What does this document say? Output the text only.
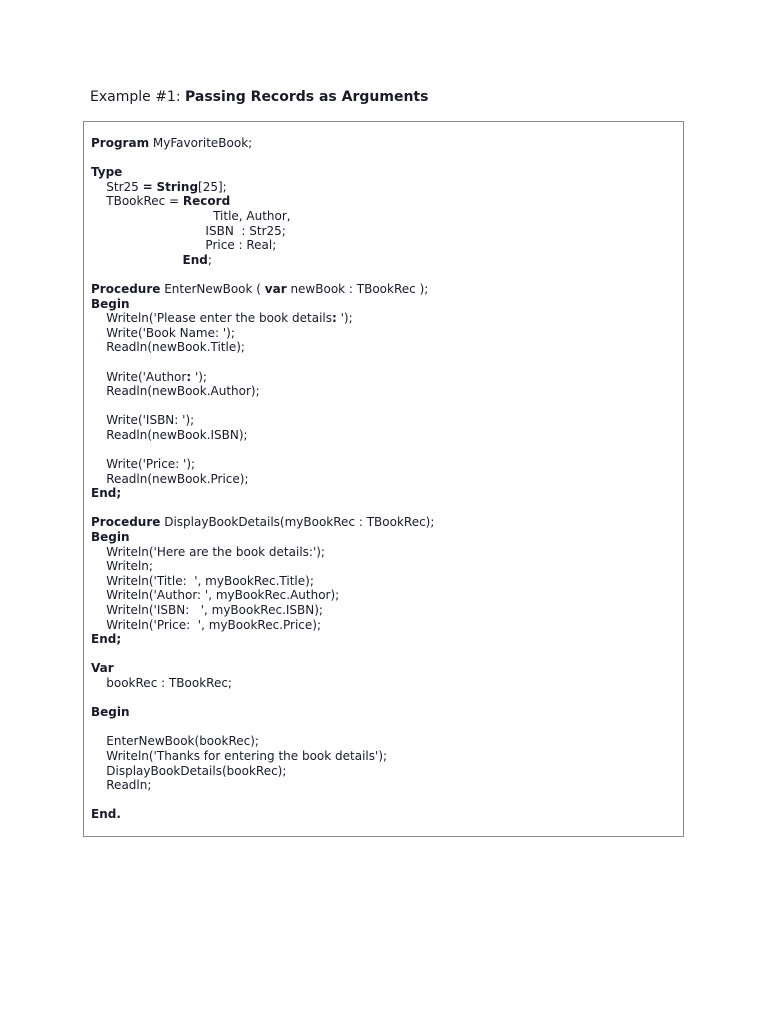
Example #1: Passing Records as Arguments
Program MyFavoriteBook;
Type
Str25 = String[25];
TBookRec = Record
Title, Author,
ISBN  : Str25;
Price : Real;
End;
Procedure EnterNewBook ( var newBook : TBookRec );
Begin
Writeln('Please enter the book details: ');
Write('Book Name: ');
Readln(newBook.Title);
Write('Author: ');
Readln(newBook.Author);
Write('ISBN: ');
Readln(newBook.ISBN);
Write('Price: ');
Readln(newBook.Price);
End;
Procedure DisplayBookDetails(myBookRec : TBookRec);
Begin
Writeln('Here are the book details:');
Writeln;
Writeln('Title:  ', myBookRec.Title);
Writeln('Author: ', myBookRec.Author);
Writeln('ISBN:   ', myBookRec.ISBN);
Writeln('Price:  ', myBookRec.Price);
End;
Var
bookRec : TBookRec;
Begin
EnterNewBook(bookRec);
Writeln('Thanks for entering the book details');
DisplayBookDetails(bookRec);
Readln;
End.
